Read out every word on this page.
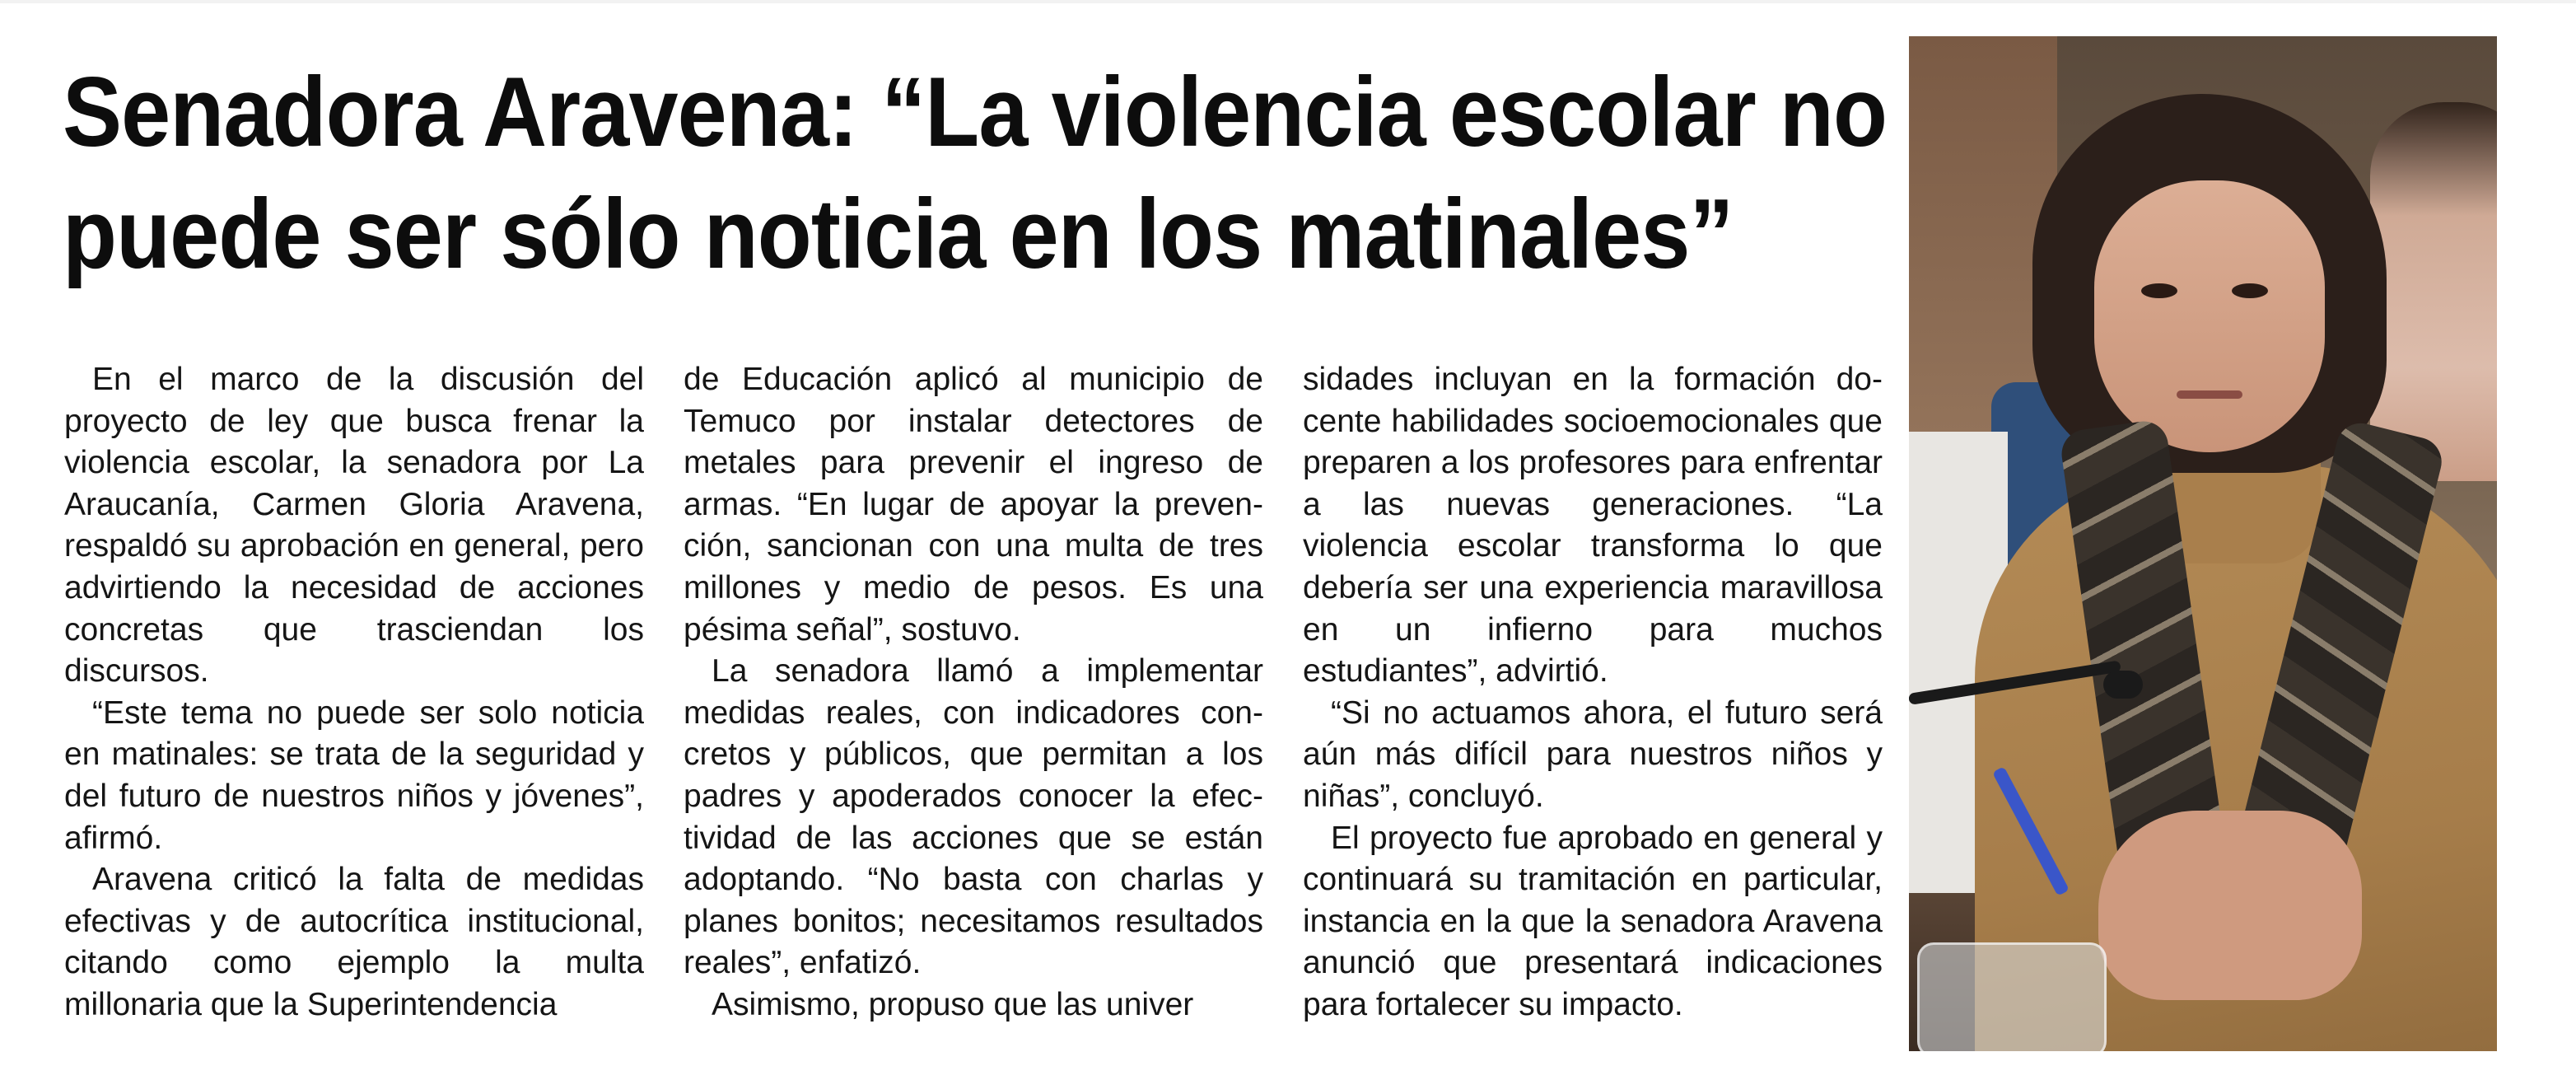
Senadora Aravena: “La violencia escolar no
puede ser sólo noticia en los matinales”

En el marco de la discusión del proyecto de ley que busca frenar la violencia escolar, la senadora por La Araucanía, Carmen Gloria Aravena, respaldó su aprobación en general, pero advirtiendo la necesidad de acciones concretas que trasciendan los discursos.

“Este tema no puede ser solo noticia en matinales: se trata de la seguridad y del futuro de nuestros niños y jóvenes”, afirmó.

Aravena criticó la falta de medidas efectivas y de autocrítica institucional, citando como ejemplo la multa millonaria que la Superintendencia

de Educación aplicó al municipio de Temuco por instalar detectores de metales para prevenir el ingreso de armas. “En lugar de apoyar la prevención, sancionan con una multa de tres millones y medio de pesos. Es una pésima señal”, sostuvo.

La senadora llamó a implementar medidas reales, con indicadores concretos y públicos, que permitan a los padres y apoderados conocer la efectividad de las acciones que se están adoptando. “No basta con charlas y planes bonitos; necesitamos resultados reales”, enfatizó.

Asimismo, propuso que las univer

sidades incluyan en la formación docente habilidades socioemocionales que preparen a los profesores para enfrentar a las nuevas generaciones. “La violencia escolar transforma lo que debería ser una experiencia maravillosa en un infierno para muchos estudiantes”, advirtió.

“Si no actuamos ahora, el futuro será aún más difícil para nuestros niños y niñas”, concluyó.

El proyecto fue aprobado en general y continuará su tramitación en particular, instancia en la que la senadora Aravena anunció que presentará indicaciones para fortalecer su impacto.
